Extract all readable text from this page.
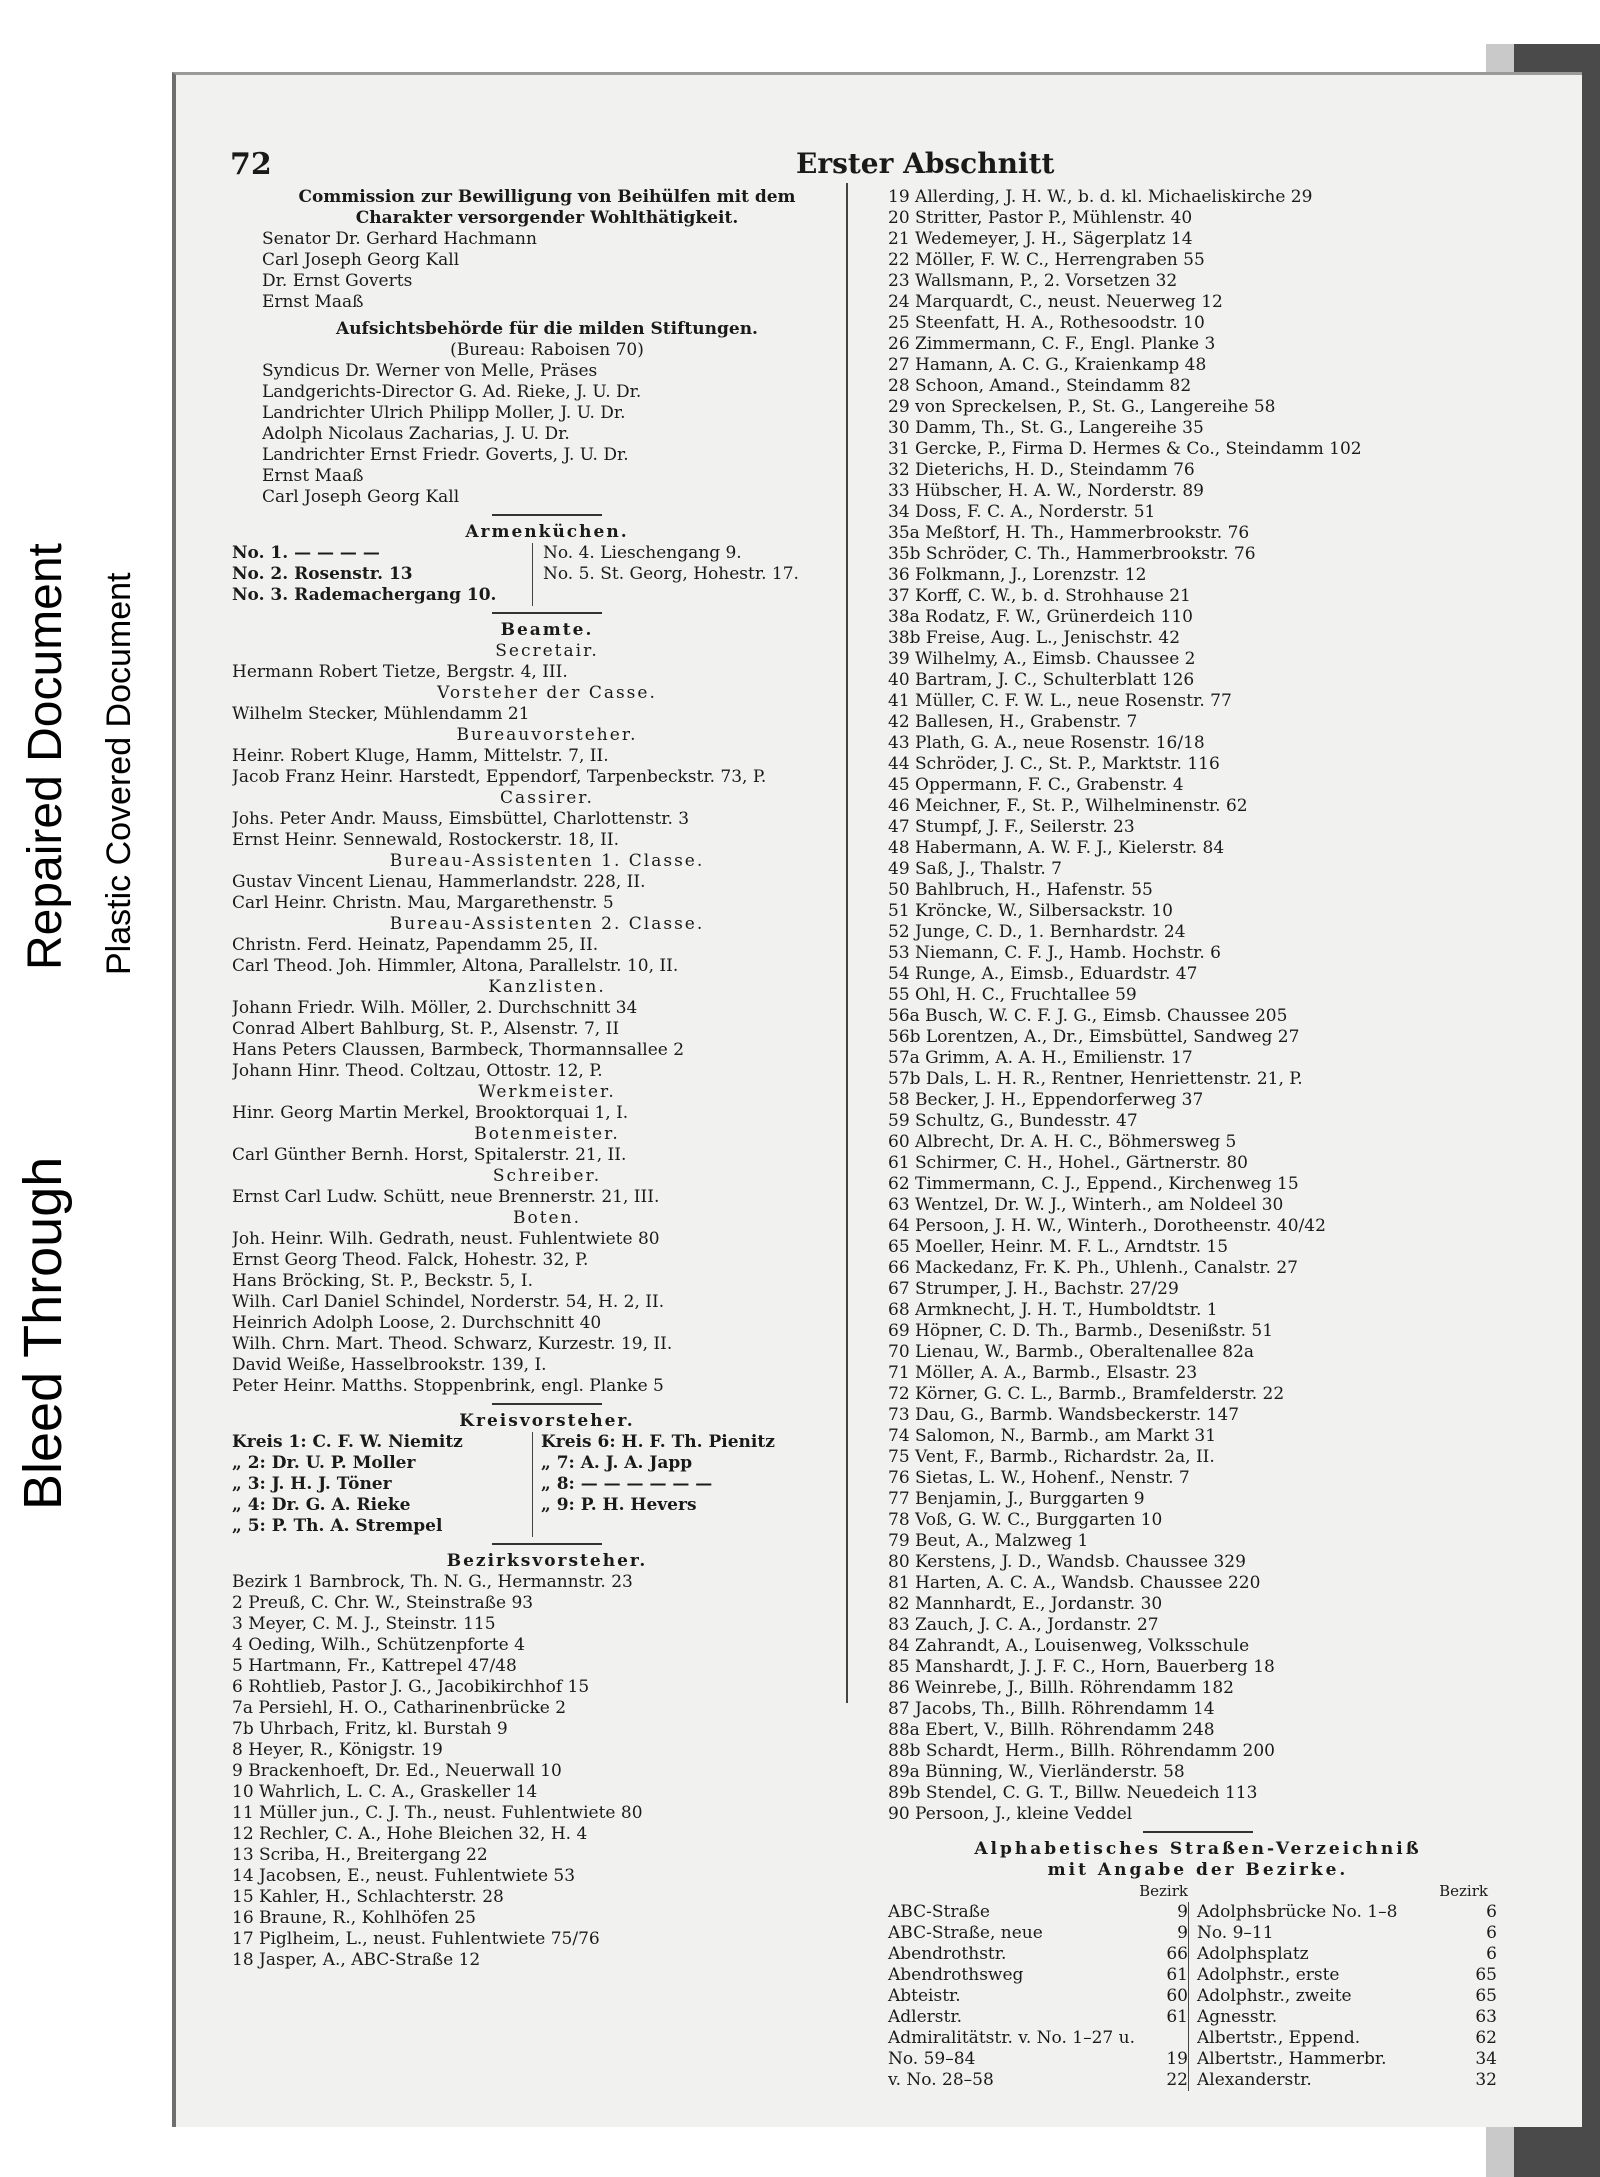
Bleed Through
Repaired Document Plastic Covered Document
72	Erster Abschnitt
Commission zur Bewilligung von Beihülfen mit dem
Charakter versorgender Wohlthätigkeit.
Senator Dr. Gerhard Hachmann
Carl Joseph Georg Kall
Dr. Ernst Goverts
Ernst Maaß
Aufsichtsbehörde für die milden Stiftungen.
(Bureau: Raboisen 70)
Syndicus Dr. Werner von Melle, Präses
Landgerichts-Director G. Ad. Rieke, J. U. Dr.
Landrichter Ulrich Philipp Moller, J. U. Dr.
Adolph Nicolaus Zacharias, J. U. Dr.
Landrichter Ernst Friedr. Goverts, J. U. Dr.
Ernst Maaß
Carl Joseph Georg Kall
Armenküchen.
No. 1. — — — —
No. 2. Rosenstr. 13
No. 3. Rademachergang 10.
No. 4. Lieschengang 9.
No. 5. St. Georg, Hohestr. 17.
Beamte.
Secretair.
Hermann Robert Tietze, Bergstr. 4, III.
Vorsteher der Casse.
Wilhelm Stecker, Mühlendamm 21
Bureauvorsteher.
Heinr. Robert Kluge, Hamm, Mittelstr. 7, II.
Jacob Franz Heinr. Harstedt, Eppendorf, Tarpenbeckstr. 73, P.
Cassirer.
Johs. Peter Andr. Mauss, Eimsbüttel, Charlottenstr. 3
Ernst Heinr. Sennewald, Rostockerstr. 18, II.
Bureau-Assistenten 1. Classe.
Gustav Vincent Lienau, Hammerlandstr. 228, II.
Carl Heinr. Christn. Mau, Margarethenstr. 5
Bureau-Assistenten 2. Classe.
Christn. Ferd. Heinatz, Papendamm 25, II.
Carl Theod. Joh. Himmler, Altona, Parallelstr. 10, II.
Kanzlisten.
Johann Friedr. Wilh. Möller, 2. Durchschnitt 34
Conrad Albert Bahlburg, St. P., Alsenstr. 7, II
Hans Peters Claussen, Barmbeck, Thormannsallee 2
Johann Hinr. Theod. Coltzau, Ottostr. 12, P.
Werkmeister.
Hinr. Georg Martin Merkel, Brooktorquai 1, I.
Botenmeister.
Carl Günther Bernh. Horst, Spitalerstr. 21, II.
Schreiber.
Ernst Carl Ludw. Schütt, neue Brennerstr. 21, III.
Boten.
Joh. Heinr. Wilh. Gedrath, neust. Fuhlentwiete 80
Ernst Georg Theod. Falck, Hohestr. 32, P.
Hans Bröcking, St. P., Beckstr. 5, I.
Wilh. Carl Daniel Schindel, Norderstr. 54, H. 2, II.
Heinrich Adolph Loose, 2. Durchschnitt 40
Wilh. Chrn. Mart. Theod. Schwarz, Kurzestr. 19, II.
David Weiße, Hasselbrookstr. 139, I.
Peter Heinr. Matths. Stoppenbrink, engl. Planke 5
Kreisvorsteher.
Kreis 1: C. F. W. Niemitz
„ 2: Dr. U. P. Moller
„ 3: J. H. J. Töner
„ 4: Dr. G. A. Rieke
„ 5: P. Th. A. Strempel
Kreis 6: H. F. Th. Pienitz
„ 7: A. J. A. Japp
„ 8: — — — — — —
„ 9: P. H. Hevers
Bezirksvorsteher.
Bezirk 1 Barnbrock, Th. N. G., Hermannstr. 23
2 Preuß, C. Chr. W., Steinstraße 93
3 Meyer, C. M. J., Steinstr. 115
4 Oeding, Wilh., Schützenpforte 4
5 Hartmann, Fr., Kattrepel 47/48
6 Rohtlieb, Pastor J. G., Jacobikirchhof 15
7a Persiehl, H. O., Catharinenbrücke 2
7b Uhrbach, Fritz, kl. Burstah 9
8 Heyer, R., Königstr. 19
9 Brackenhoeft, Dr. Ed., Neuerwall 10
10 Wahrlich, L. C. A., Graskeller 14
11 Müller jun., C. J. Th., neust. Fuhlentwiete 80
12 Rechler, C. A., Hohe Bleichen 32, H. 4
13 Scriba, H., Breitergang 22
14 Jacobsen, E., neust. Fuhlentwiete 53
15 Kahler, H., Schlachterstr. 28
16 Braune, R., Kohlhöfen 25
17 Piglheim, L., neust. Fuhlentwiete 75/76
18 Jasper, A., ABC-Straße 12
19 Allerding, J. H. W., b. d. kl. Michaeliskirche 29
20 Stritter, Pastor P., Mühlenstr. 40
21 Wedemeyer, J. H., Sägerplatz 14
22 Möller, F. W. C., Herrengraben 55
23 Wallsmann, P., 2. Vorsetzen 32
24 Marquardt, C., neust. Neuerweg 12
25 Steenfatt, H. A., Rothesoodstr. 10
26 Zimmermann, C. F., Engl. Planke 3
27 Hamann, A. C. G., Kraienkamp 48
28 Schoon, Amand., Steindamm 82
29 von Spreckelsen, P., St. G., Langereihe 58
30 Damm, Th., St. G., Langereihe 35
31 Gercke, P., Firma D. Hermes & Co., Steindamm 102
32 Dieterichs, H. D., Steindamm 76
33 Hübscher, H. A. W., Norderstr. 89
34 Doss, F. C. A., Norderstr. 51
35a Meßtorf, H. Th., Hammerbrookstr. 76
35b Schröder, C. Th., Hammerbrookstr. 76
36 Folkmann, J., Lorenzstr. 12
37 Korff, C. W., b. d. Strohhause 21
38a Rodatz, F. W., Grünerdeich 110
38b Freise, Aug. L., Jenischstr. 42
39 Wilhelmy, A., Eimsb. Chaussee 2
40 Bartram, J. C., Schulterblatt 126
41 Müller, C. F. W. L., neue Rosenstr. 77
42 Ballesen, H., Grabenstr. 7
43 Plath, G. A., neue Rosenstr. 16/18
44 Schröder, J. C., St. P., Marktstr. 116
45 Oppermann, F. C., Grabenstr. 4
46 Meichner, F., St. P., Wilhelminenstr. 62
47 Stumpf, J. F., Seilerstr. 23
48 Habermann, A. W. F. J., Kielerstr. 84
49 Saß, J., Thalstr. 7
50 Bahlbruch, H., Hafenstr. 55
51 Kröncke, W., Silbersackstr. 10
52 Junge, C. D., 1. Bernhardstr. 24
53 Niemann, C. F. J., Hamb. Hochstr. 6
54 Runge, A., Eimsb., Eduardstr. 47
55 Ohl, H. C., Fruchtallee 59
56a Busch, W. C. F. J. G., Eimsb. Chaussee 205
56b Lorentzen, A., Dr., Eimsbüttel, Sandweg 27
57a Grimm, A. A. H., Emilienstr. 17
57b Dals, L. H. R., Rentner, Henriettenstr. 21, P.
58 Becker, J. H., Eppendorferweg 37
59 Schultz, G., Bundesstr. 47
60 Albrecht, Dr. A. H. C., Böhmersweg 5
61 Schirmer, C. H., Hohel., Gärtnerstr. 80
62 Timmermann, C. J., Eppend., Kirchenweg 15
63 Wentzel, Dr. W. J., Winterh., am Noldeel 30
64 Persoon, J. H. W., Winterh., Dorotheenstr. 40/42
65 Moeller, Heinr. M. F. L., Arndtstr. 15
66 Mackedanz, Fr. K. Ph., Uhlenh., Canalstr. 27
67 Strumper, J. H., Bachstr. 27/29
68 Armknecht, J. H. T., Humboldtstr. 1
69 Höpner, C. D. Th., Barmb., Desenißstr. 51
70 Lienau, W., Barmb., Oberaltenallee 82a
71 Möller, A. A., Barmb., Elsastr. 23
72 Körner, G. C. L., Barmb., Bramfelderstr. 22
73 Dau, G., Barmb. Wandsbeckerstr. 147
74 Salomon, N., Barmb., am Markt 31
75 Vent, F., Barmb., Richardstr. 2a, II.
76 Sietas, L. W., Hohenf., Nenstr. 7
77 Benjamin, J., Burggarten 9
78 Voß, G. W. C., Burggarten 10
79 Beut, A., Malzweg 1
80 Kerstens, J. D., Wandsb. Chaussee 329
81 Harten, A. C. A., Wandsb. Chaussee 220
82 Mannhardt, E., Jordanstr. 30
83 Zauch, J. C. A., Jordanstr. 27
84 Zahrandt, A., Louisenweg, Volksschule
85 Manshardt, J. J. F. C., Horn, Bauerberg 18
86 Weinrebe, J., Billh. Röhrendamm 182
87 Jacobs, Th., Billh. Röhrendamm 14
88a Ebert, V., Billh. Röhrendamm 248
88b Schardt, Herm., Billh. Röhrendamm 200
89a Bünning, W., Vierländerstr. 58
89b Stendel, C. G. T., Billw. Neuedeich 113
90 Persoon, J., kleine Veddel
Alphabetisches Straßen-Verzeichniß
mit Angabe der Bezirke.
Bezirk	Bezirk
ABC-Straße	9
ABC-Straße, neue	9
Abendrothstr.	66
Abendrothsweg	61
Abteistr.	60
Adlerstr.	61
Admiralitätstr. v. No. 1–27 u.
No. 59–84	19
v. No. 28–58	22
Adolphsbrücke No. 1–8	6
No. 9–11	6
Adolphsplatz	6
Adolphstr., erste	65
Adolphstr., zweite	65
Agnesstr.	63
Albertstr., Eppend.	62
Albertstr., Hammerbr.	34
Alexanderstr.	32
